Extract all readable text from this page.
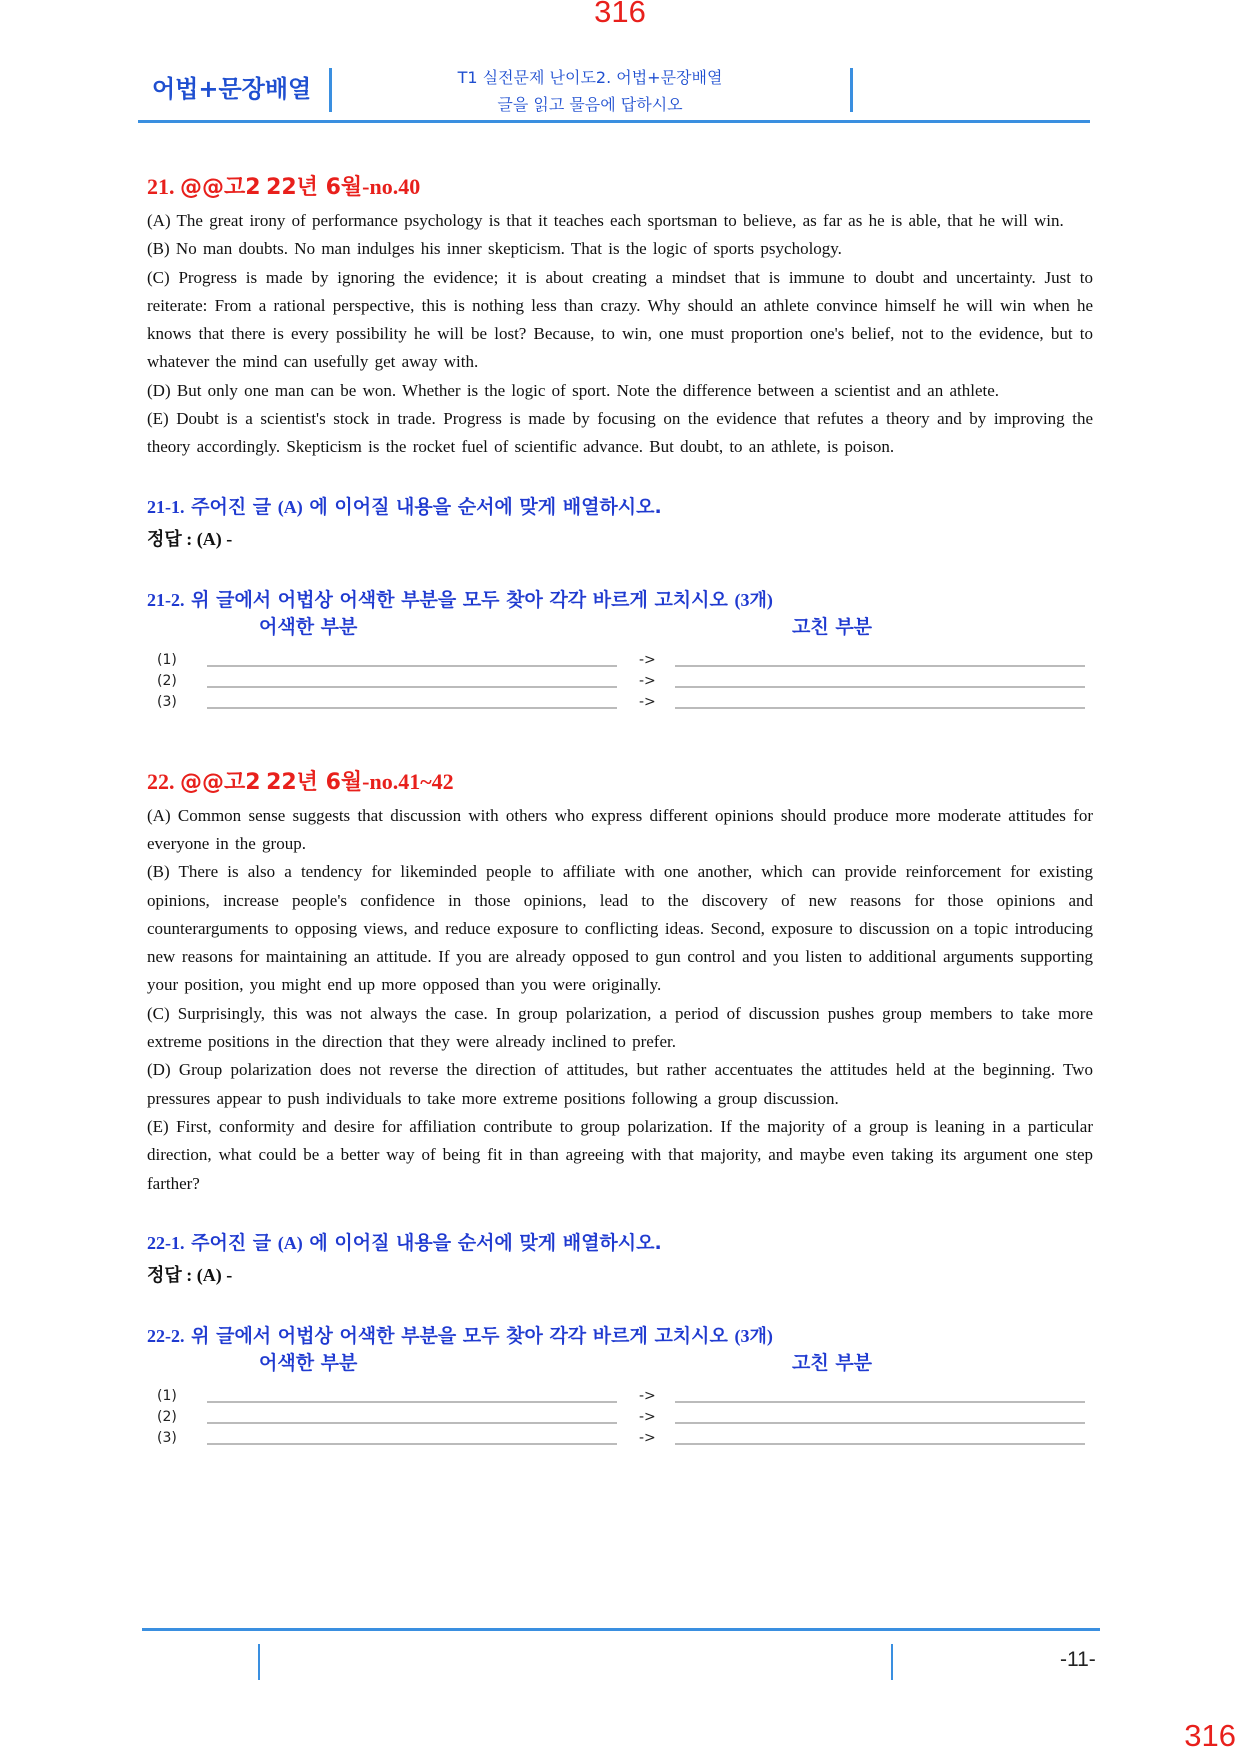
316
어법+문장배열	T1 실전문제 난이도2. 어법+문장배열
글을 읽고 물음에 답하시오
21. @@고2 22년 6월-no.40

(A) The great irony of performance psychology is that it teaches each sportsman to believe, as far as he is able, that he will win.

(B) No man doubts. No man indulges his inner skepticism. That is the logic of sports psychology.

(C) Progress is made by ignoring the evidence; it is about creating a mindset that is immune to doubt and uncertainty. Just to reiterate: From a rational perspective, this is nothing less than crazy. Why should an athlete convince himself he will win when he knows that there is every possibility he will be lost? Because, to win, one must proportion one's belief, not to the evidence, but to whatever the mind can usefully get away with.

(D) But only one man can be won. Whether is the logic of sport. Note the difference between a scientist and an athlete.

(E) Doubt is a scientist's stock in trade. Progress is made by focusing on the evidence that refutes a theory and by improving the theory accordingly. Skepticism is the rocket fuel of scientific advance. But doubt, to an athlete, is poison.

21-1. 주어진 글 (A) 에 이어질 내용을 순서에 맞게 배열하시오.
정답 : (A) -
21-2. 위 글에서 어법상 어색한 부분을 모두 찾아 각각 바르게 고치시오 (3개)
어색한 부분	고친 부분
(1)	->
(2)	->
(3)	->
22. @@고2 22년 6월-no.41~42

(A) Common sense suggests that discussion with others who express different opinions should produce more moderate attitudes for everyone in the group.

(B) There is also a tendency for likeminded people to affiliate with one another, which can provide reinforcement for existing opinions, increase people's confidence in those opinions, lead to the discovery of new reasons for those opinions and counterarguments to opposing views, and reduce exposure to conflicting ideas. Second, exposure to discussion on a topic introducing new reasons for maintaining an attitude. If you are already opposed to gun control and you listen to additional arguments supporting your position, you might end up more opposed than you were originally.

(C) Surprisingly, this was not always the case. In group polarization, a period of discussion pushes group members to take more extreme positions in the direction that they were already inclined to prefer.

(D) Group polarization does not reverse the direction of attitudes, but rather accentuates the attitudes held at the beginning. Two pressures appear to push individuals to take more extreme positions following a group discussion.

(E) First, conformity and desire for affiliation contribute to group polarization. If the majority of a group is leaning in a particular direction, what could be a better way of being fit in than agreeing with that majority, and maybe even taking its argument one step farther?

22-1. 주어진 글 (A) 에 이어질 내용을 순서에 맞게 배열하시오.
정답 : (A) -
22-2. 위 글에서 어법상 어색한 부분을 모두 찾아 각각 바르게 고치시오 (3개)
어색한 부분	고친 부분
(1)	->
(2)	->
(3)	->
-11-
316
